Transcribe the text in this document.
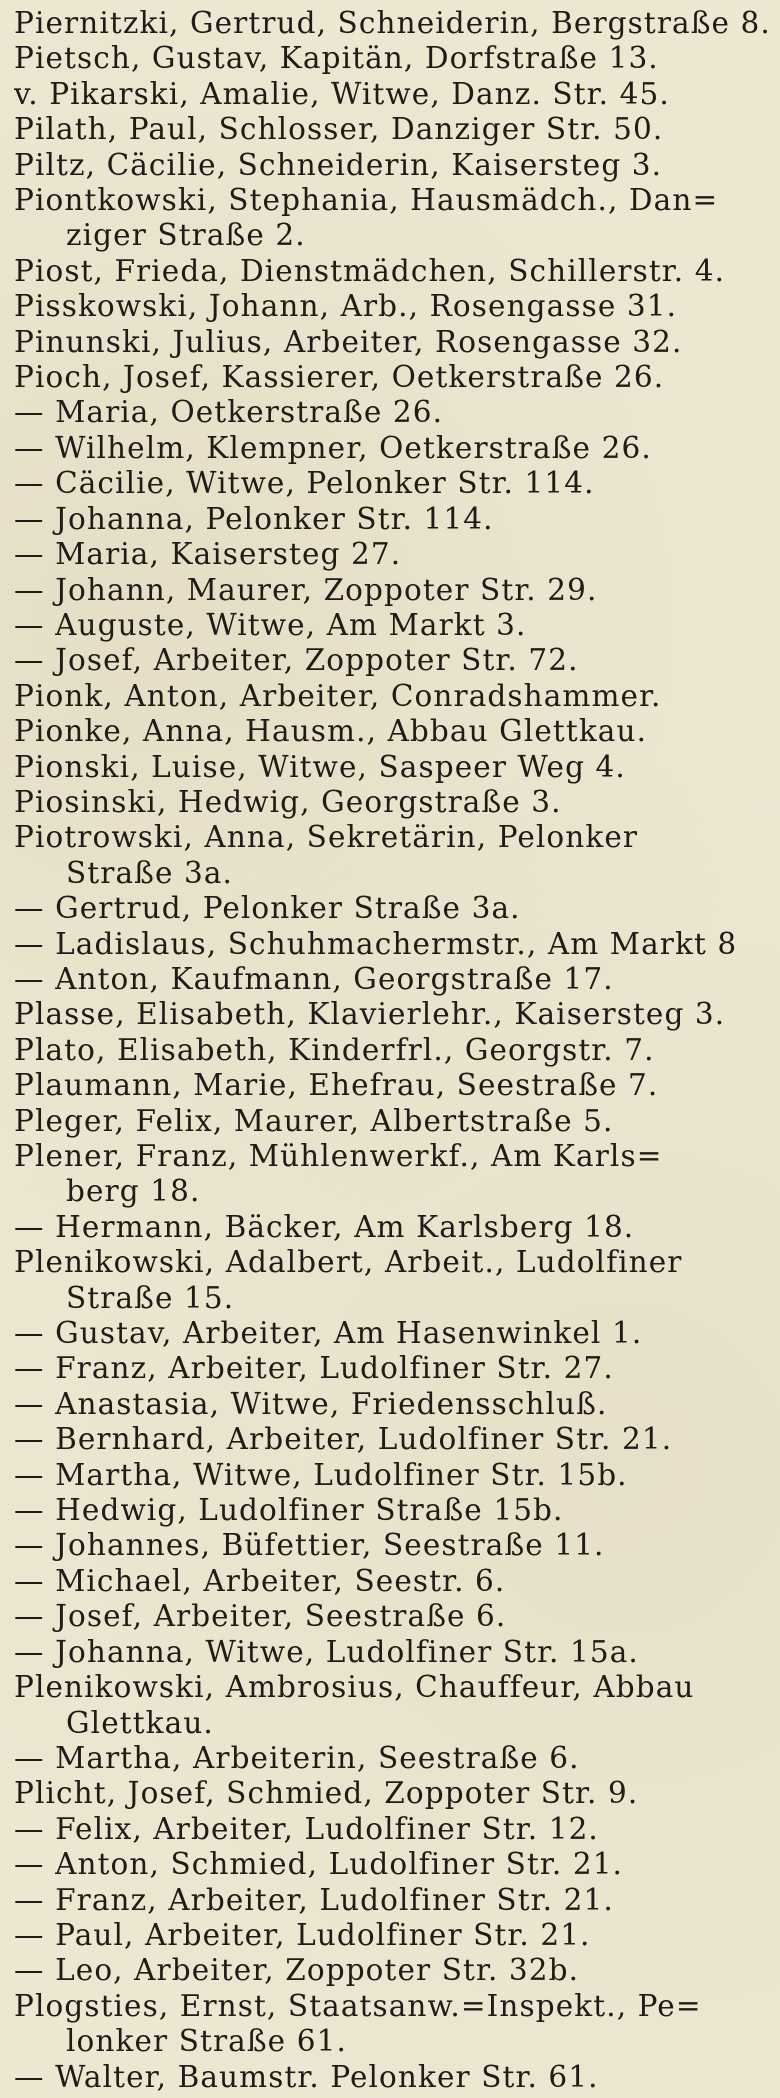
Piernitzki, Gertrud, Schneiderin, Bergstraße 8.
Pietsch, Gustav, Kapitän, Dorfstraße 13.
v. Pikarski, Amalie, Witwe, Danz. Str. 45.
Pilath, Paul, Schlosser, Danziger Str. 50.
Piltz, Cäcilie, Schneiderin, Kaisersteg 3.
Piontkowski, Stephania, Hausmädch., Dan=
ziger Straße 2.
Piost, Frieda, Dienstmädchen, Schillerstr. 4.
Pisskowski, Johann, Arb., Rosengasse 31.
Pinunski, Julius, Arbeiter, Rosengasse 32.
Pioch, Josef, Kassierer, Oetkerstraße 26.
— Maria, Oetkerstraße 26.
— Wilhelm, Klempner, Oetkerstraße 26.
— Cäcilie, Witwe, Pelonker Str. 114.
— Johanna, Pelonker Str. 114.
— Maria, Kaisersteg 27.
— Johann, Maurer, Zoppoter Str. 29.
— Auguste, Witwe, Am Markt 3.
— Josef, Arbeiter, Zoppoter Str. 72.
Pionk, Anton, Arbeiter, Conradshammer.
Pionke, Anna, Hausm., Abbau Glettkau.
Pionski, Luise, Witwe, Saspeer Weg 4.
Piosinski, Hedwig, Georgstraße 3.
Piotrowski, Anna, Sekretärin, Pelonker
Straße 3a.
— Gertrud, Pelonker Straße 3a.
— Ladislaus, Schuhmachermstr., Am Markt 8
— Anton, Kaufmann, Georgstraße 17.
Plasse, Elisabeth, Klavierlehr., Kaisersteg 3.
Plato, Elisabeth, Kinderfrl., Georgstr. 7.
Plaumann, Marie, Ehefrau, Seestraße 7.
Pleger, Felix, Maurer, Albertstraße 5.
Plener, Franz, Mühlenwerkf., Am Karls=
berg 18.
— Hermann, Bäcker, Am Karlsberg 18.
Plenikowski, Adalbert, Arbeit., Ludolfiner
Straße 15.
— Gustav, Arbeiter, Am Hasenwinkel 1.
— Franz, Arbeiter, Ludolfiner Str. 27.
— Anastasia, Witwe, Friedensschluß.
— Bernhard, Arbeiter, Ludolfiner Str. 21.
— Martha, Witwe, Ludolfiner Str. 15b.
— Hedwig, Ludolfiner Straße 15b.
— Johannes, Büfettier, Seestraße 11.
— Michael, Arbeiter, Seestr. 6.
— Josef, Arbeiter, Seestraße 6.
— Johanna, Witwe, Ludolfiner Str. 15a.
Plenikowski, Ambrosius, Chauffeur, Abbau
Glettkau.
— Martha, Arbeiterin, Seestraße 6.
Plicht, Josef, Schmied, Zoppoter Str. 9.
— Felix, Arbeiter, Ludolfiner Str. 12.
— Anton, Schmied, Ludolfiner Str. 21.
— Franz, Arbeiter, Ludolfiner Str. 21.
— Paul, Arbeiter, Ludolfiner Str. 21.
— Leo, Arbeiter, Zoppoter Str. 32b.
Plogsties, Ernst, Staatsanw.=Inspekt., Pe=
lonker Straße 61.
— Walter, Baumstr. Pelonker Str. 61.
